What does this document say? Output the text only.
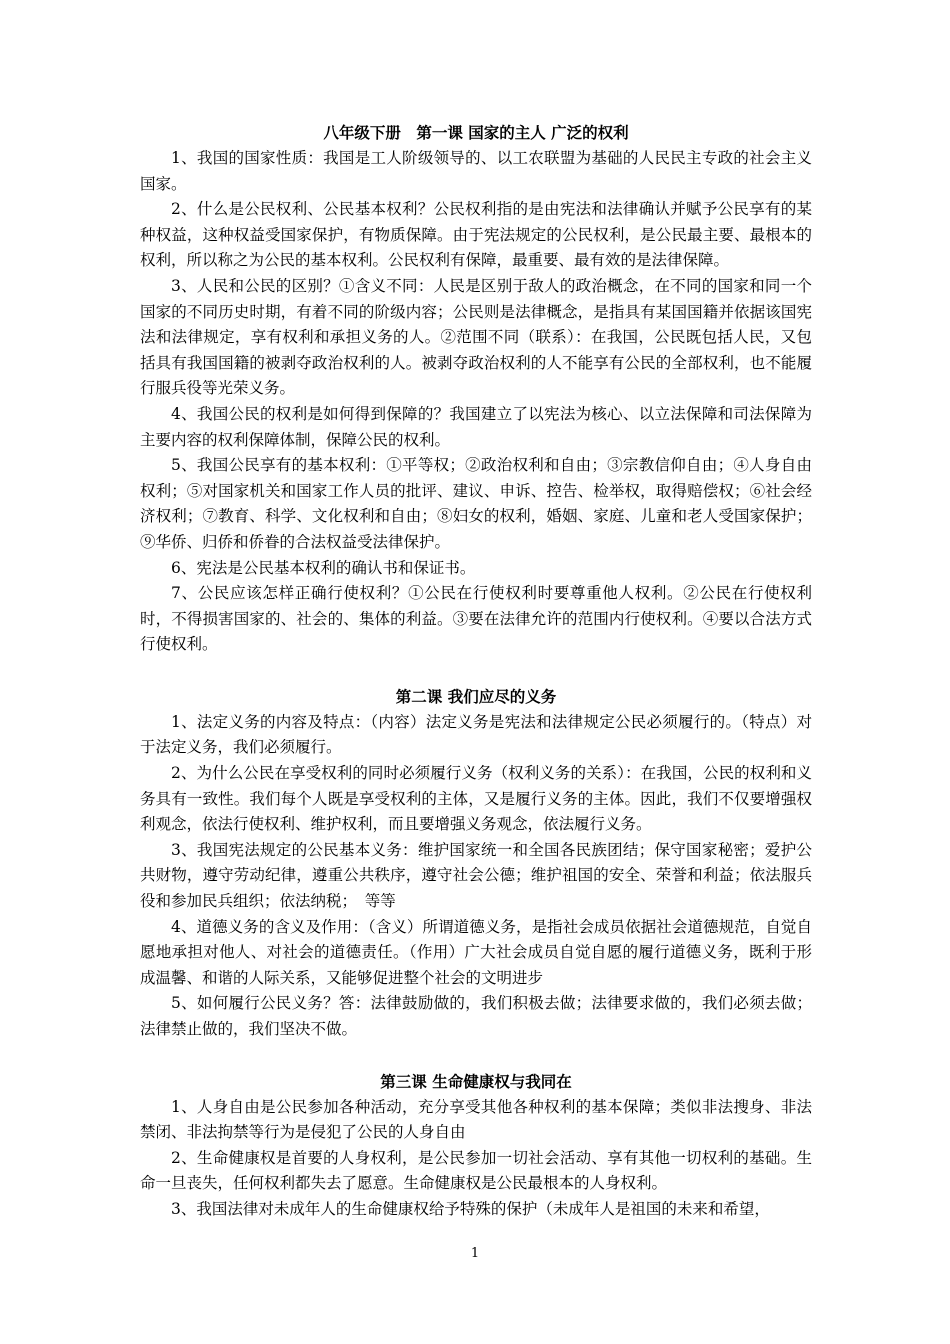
八年级下册　第一课 国家的主人 广泛的权利

1、我国的国家性质：我国是工人阶级领导的、以工农联盟为基础的人民民主专政的社会主义国家。

2、什么是公民权利、公民基本权利？公民权利指的是由宪法和法律确认并赋予公民享有的某种权益，这种权益受国家保护，有物质保障。由于宪法规定的公民权利，是公民最主要、最根本的权利，所以称之为公民的基本权利。公民权利有保障，最重要、最有效的是法律保障。

3、人民和公民的区别？①含义不同：人民是区别于敌人的政治概念，在不同的国家和同一个国家的不同历史时期，有着不同的阶级内容；公民则是法律概念，是指具有某国国籍并依据该国宪法和法律规定，享有权利和承担义务的人。②范围不同（联系）：在我国，公民既包括人民，又包括具有我国国籍的被剥夺政治权利的人。被剥夺政治权利的人不能享有公民的全部权利，也不能履行服兵役等光荣义务。

4、我国公民的权利是如何得到保障的？我国建立了以宪法为核心、以立法保障和司法保障为主要内容的权利保障体制，保障公民的权利。

5、我国公民享有的基本权利：①平等权；②政治权利和自由；③宗教信仰自由；④人身自由权利；⑤对国家机关和国家工作人员的批评、建议、申诉、控告、检举权，取得赔偿权；⑥社会经济权利；⑦教育、科学、文化权利和自由；⑧妇女的权利，婚姻、家庭、儿童和老人受国家保护；⑨华侨、归侨和侨眷的合法权益受法律保护。

6、宪法是公民基本权利的确认书和保证书。

7、公民应该怎样正确行使权利？①公民在行使权利时要尊重他人权利。②公民在行使权利时，不得损害国家的、社会的、集体的利益。③要在法律允许的范围内行使权利。④要以合法方式行使权利。

第二课 我们应尽的义务

1、法定义务的内容及特点：（内容）法定义务是宪法和法律规定公民必须履行的。（特点）对于法定义务，我们必须履行。

2、为什么公民在享受权利的同时必须履行义务（权利义务的关系）：在我国，公民的权利和义务具有一致性。我们每个人既是享受权利的主体，又是履行义务的主体。因此，我们不仅要增强权利观念，依法行使权利、维护权利，而且要增强义务观念，依法履行义务。

3、我国宪法规定的公民基本义务：维护国家统一和全国各民族团结；保守国家秘密；爱护公共财物，遵守劳动纪律，遵重公共秩序，遵守社会公德；维护祖国的安全、荣誉和利益；依法服兵役和参加民兵组织；依法纳税；　等等

4、道德义务的含义及作用：（含义）所谓道德义务，是指社会成员依据社会道德规范，自觉自愿地承担对他人、对社会的道德责任。（作用）广大社会成员自觉自愿的履行道德义务，既利于形成温馨、和谐的人际关系，又能够促进整个社会的文明进步

5、如何履行公民义务？答：法律鼓励做的，我们积极去做；法律要求做的，我们必须去做；法律禁止做的，我们坚决不做。

第三课 生命健康权与我同在

1、人身自由是公民参加各种活动，充分享受其他各种权利的基本保障；类似非法搜身、非法禁闭、非法拘禁等行为是侵犯了公民的人身自由

2、生命健康权是首要的人身权利，是公民参加一切社会活动、享有其他一切权利的基础。生命一旦丧失，任何权利都失去了愿意。生命健康权是公民最根本的人身权利。

3、我国法律对未成年人的生命健康权给予特殊的保护（未成年人是祖国的未来和希望，

1
